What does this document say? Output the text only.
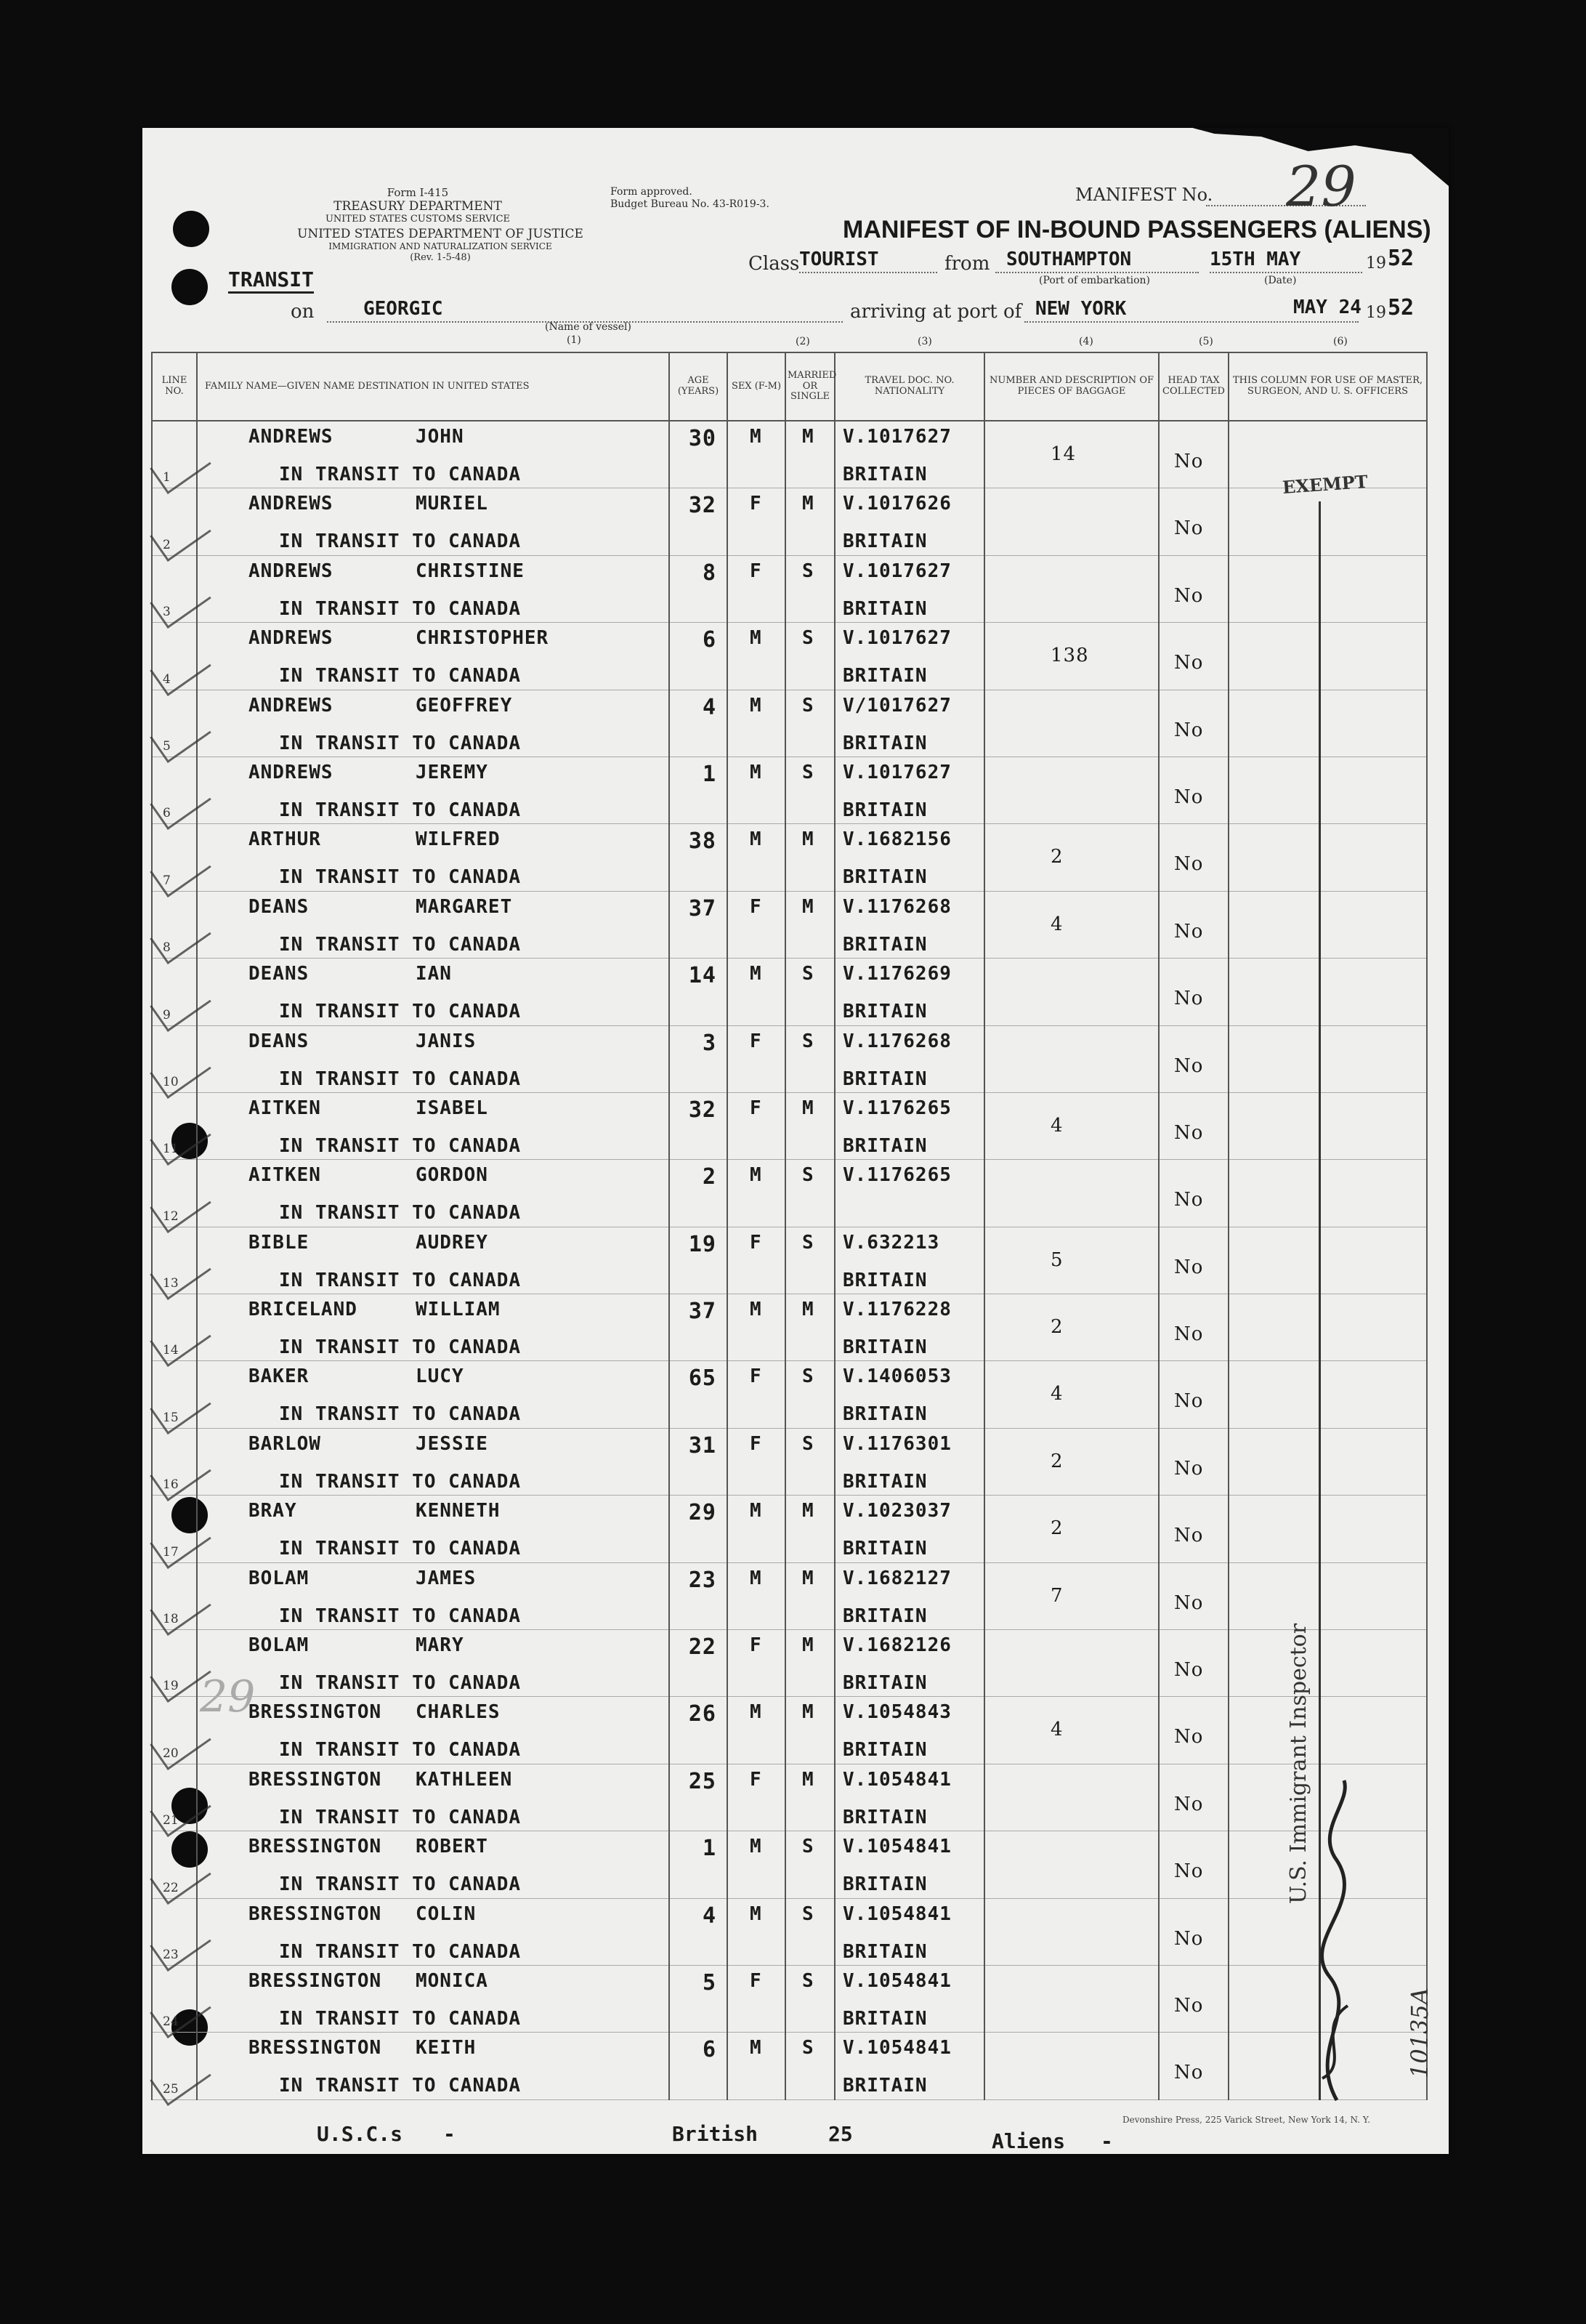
Form I-415
TREASURY DEPARTMENT
UNITED STATES CUSTOMS SERVICE
Form approved.
Budget Bureau No. 43-R019-3.
UNITED STATES DEPARTMENT OF JUSTICE
IMMIGRATION AND NATURALIZATION SERVICE
(Rev. 1-5-48)
MANIFEST No. 29
MANIFEST OF IN-BOUND PASSENGERS (ALIENS)
TRANSIT
Class TOURIST	from SOUTHAMPTON
(Port of embarkation)
15TH MAY
(Date)
19 52
on	GEORGIC
(Name of vessel)
(1)
arriving at port of NEW YORK	MAY 24 19 52
(2)	(3)	(4)	(5)	(6)
LINE NO.	FAMILY NAME—GIVEN NAME DESTINATION IN UNITED STATES	AGE (YEARS)	SEX (F-M)	MARRIED OR SINGLE	TRAVEL DOC. NO. NATIONALITY	NUMBER AND DESCRIPTION OF PIECES OF BAGGAGE	HEAD TAX COLLECTED	THIS COLUMN FOR USE OF MASTER, SURGEON, AND U. S. OFFICERS

1	ANDREWS JOHN
IN TRANSIT TO CANADA	30	M	M	V.1017627
BRITAIN	14	No	

2	ANDREWS MURIEL
IN TRANSIT TO CANADA	32	F	M	V.1017626
BRITAIN		No	

3	ANDREWS CHRISTINE
IN TRANSIT TO CANADA	8	F	S	V.1017627
BRITAIN		No	

4	ANDREWS CHRISTOPHER
IN TRANSIT TO CANADA	6	M	S	V.1017627
BRITAIN	138	No	

5	ANDREWS GEOFFREY
IN TRANSIT TO CANADA	4	M	S	V/1017627
BRITAIN		No	

6	ANDREWS JEREMY
IN TRANSIT TO CANADA	1	M	S	V.1017627
BRITAIN		No	

7	ARTHUR WILFRED
IN TRANSIT TO CANADA	38	M	M	V.1682156
BRITAIN	2	No	

8	DEANS MARGARET
IN TRANSIT TO CANADA	37	F	M	V.1176268
BRITAIN	4	No	

9	DEANS IAN
IN TRANSIT TO CANADA	14	M	S	V.1176269
BRITAIN		No	

10	DEANS JANIS
IN TRANSIT TO CANADA	3	F	S	V.1176268
BRITAIN		No	

11	AITKEN ISABEL
IN TRANSIT TO CANADA	32	F	M	V.1176265
BRITAIN	4	No	

12	AITKEN GORDON
IN TRANSIT TO CANADA	2	M	S	V.1176265		No	

13	BIBLE AUDREY
IN TRANSIT TO CANADA	19	F	S	V.632213
BRITAIN	5	No	

14	BRICELAND WILLIAM
IN TRANSIT TO CANADA	37	M	M	V.1176228
BRITAIN	2	No	

15	BAKER LUCY
IN TRANSIT TO CANADA	65	F	S	V.1406053
BRITAIN	4	No	

16	BARLOW JESSIE
IN TRANSIT TO CANADA	31	F	S	V.1176301
BRITAIN	2	No	

17	BRAY KENNETH
IN TRANSIT TO CANADA	29	M	M	V.1023037
BRITAIN	2	No	

18	BOLAM JAMES
IN TRANSIT TO CANADA	23	M	M	V.1682127
BRITAIN	7	No	

19	BOLAM MARY
IN TRANSIT TO CANADA	22	F	M	V.1682126
BRITAIN		No	

20	BRESSINGTON CHARLES
IN TRANSIT TO CANADA	26	M	M	V.1054843
BRITAIN	4	No	

21	BRESSINGTON KATHLEEN
IN TRANSIT TO CANADA	25	F	M	V.1054841
BRITAIN		No	

22	BRESSINGTON ROBERT
IN TRANSIT TO CANADA	1	M	S	V.1054841
BRITAIN		No	

23	BRESSINGTON COLIN
IN TRANSIT TO CANADA	4	M	S	V.1054841
BRITAIN		No	

24	BRESSINGTON MONICA
IN TRANSIT TO CANADA	5	F	S	V.1054841
BRITAIN		No	

25	BRESSINGTON KEITH
IN TRANSIT TO CANADA	6	M	S	V.1054841
BRITAIN		No	

EXEMPT
29	U.S. Immigrant Inspector
10135A
U.S.C.s -	British	25	Aliens -
Devonshire Press, 225 Varick Street, New York 14, N. Y.
